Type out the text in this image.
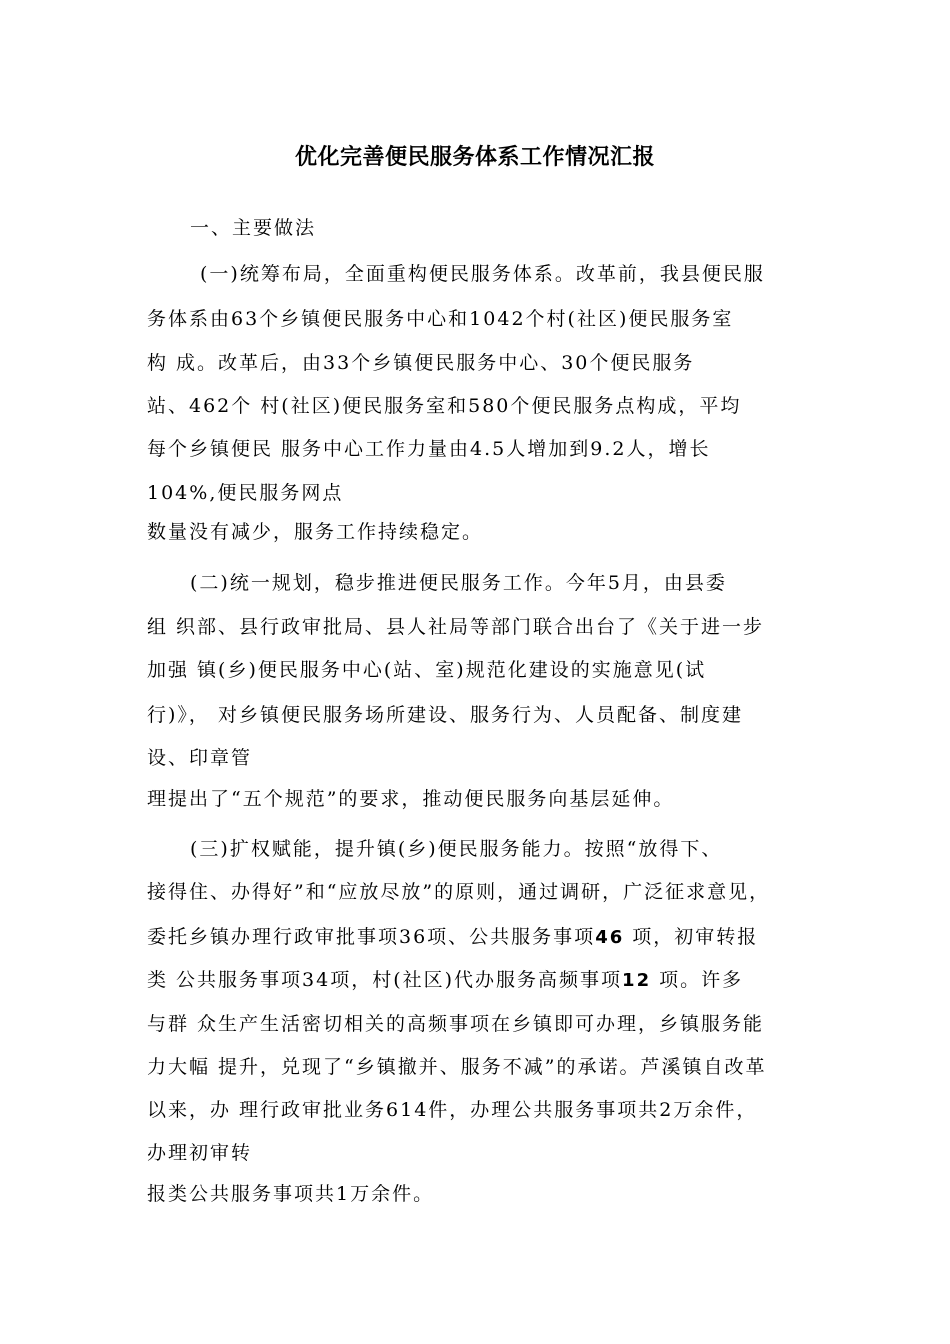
优化完善便民服务体系工作情况汇报
一、主要做法
(一)统筹布局，全面重构便民服务体系。改革前，我县便民服
务体系由63个乡镇便民服务中心和1042个村(社区)便民服务室
构 成。改革后，由33个乡镇便民服务中心、30个便民服务
站、462个 村(社区)便民服务室和580个便民服务点构成，平均
每个乡镇便民 服务中心工作力量由4.5人增加到9.2人，增长
104%,便民服务网点
数量没有减少，服务工作持续稳定。
(二)统一规划，稳步推进便民服务工作。今年5月，由县委
组 织部、县行政审批局、县人社局等部门联合出台了《关于进一步
加强 镇(乡)便民服务中心(站、室)规范化建设的实施意见(试
行)》， 对乡镇便民服务场所建设、服务行为、人员配备、制度建
设、印章管
理提出了“五个规范”的要求，推动便民服务向基层延伸。
(三)扩权赋能，提升镇(乡)便民服务能力。按照“放得下、
接得住、办得好”和“应放尽放”的原则，通过调研，广泛征求意见，
委托乡镇办理行政审批事项36项、公共服务事项46 项，初审转报
类 公共服务事项34项，村(社区)代办服务高频事项12 项。许多
与群 众生产生活密切相关的高频事项在乡镇即可办理，乡镇服务能
力大幅 提升，兑现了“乡镇撤并、服务不减”的承诺。芦溪镇自改革
以来，办 理行政审批业务614件，办理公共服务事项共2万余件，
办理初审转
报类公共服务事项共1万余件。
